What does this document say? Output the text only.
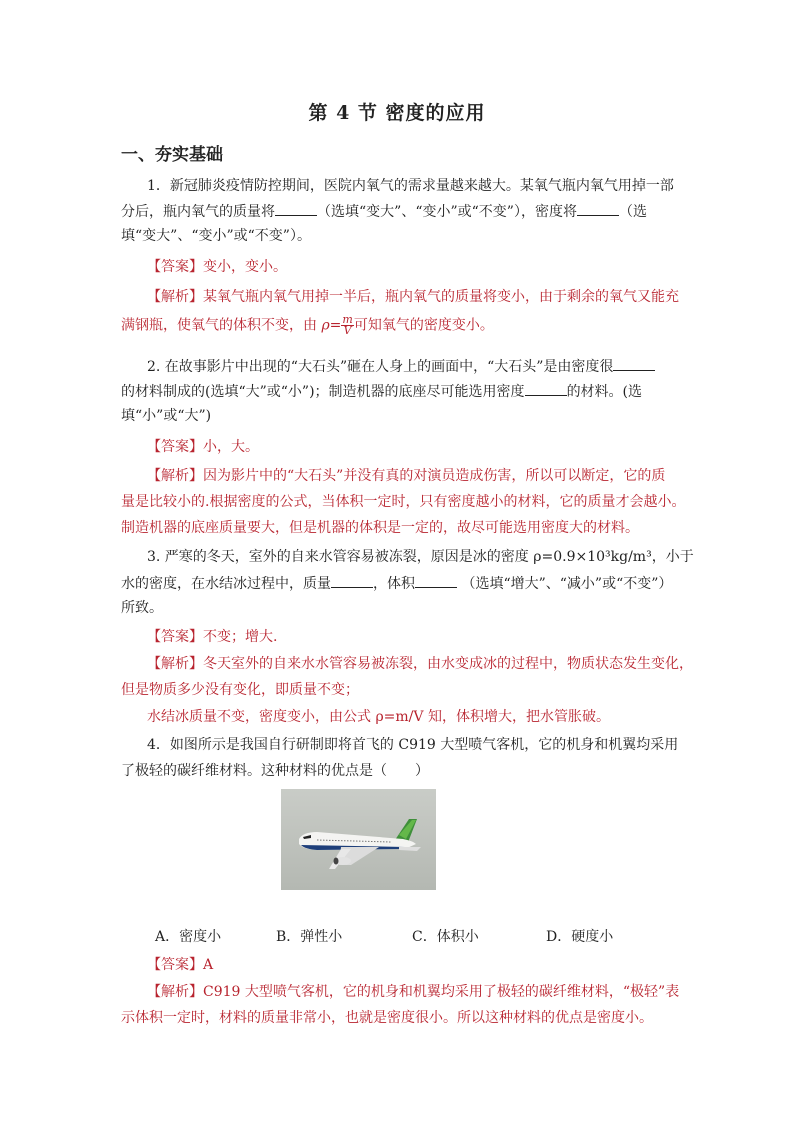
第 4 节 密度的应用
一、夯实基础
1．新冠肺炎疫情防控期间，医院内氧气的需求量越来越大。某氧气瓶内氧气用掉一部
分后，瓶内氧气的质量将	（选填“变大”、“变小”或“不变”），密度将	（选
填“变大”、“变小”或“不变”）。
【答案】变小，变小。
【解析】某氧气瓶内氧气用掉一半后，瓶内氧气的质量将变小，由于剩余的氧气又能充
满钢瓶，使氧气的体积不变，由 $\rho= \frac{m}{V}$ 可知氧气的密度变小。
2. 在故事影片中出现的“大石头”砸在人身上的画面中，“大石头”是由密度很
的材料制成的(选填“大”或“小”)；制造机器的底座尽可能选用密度	的材料。(选
填“小”或“大”)
【答案】小，大。
【解析】因为影片中的“大石头”并没有真的对演员造成伤害，所以可以断定，它的质
量是比较小的.根据密度的公式，当体积一定时，只有密度越小的材料，它的质量才会越小。
制造机器的底座质量要大，但是机器的体积是一定的，故尽可能选用密度大的材料。
3. 严寒的冬天，室外的自来水管容易被冻裂，原因是冰的密度 ρ=0.9×10³kg/m³，小于
水的密度，在水结冰过程中，质量	，体积	（选填“增大”、“减小”或“不变”）
所致。
【答案】不变；增大.
【解析】冬天室外的自来水水管容易被冻裂，由水变成冰的过程中，物质状态发生变化，
但是物质多少没有变化，即质量不变；
水结冰质量不变，密度变小，由公式 ρ=m/V 知，体积增大，把水管胀破。
4．如图所示是我国自行研制即将首飞的 C919 大型喷气客机，它的机身和机翼均采用
了极轻的碳纤维材料。这种材料的优点是（　　）
A．密度小	B．弹性小	C．体积小	D．硬度小
【答案】A
【解析】C919 大型喷气客机，它的机身和机翼均采用了极轻的碳纤维材料，“极轻”表
示体积一定时，材料的质量非常小，也就是密度很小。所以这种材料的优点是密度小。
